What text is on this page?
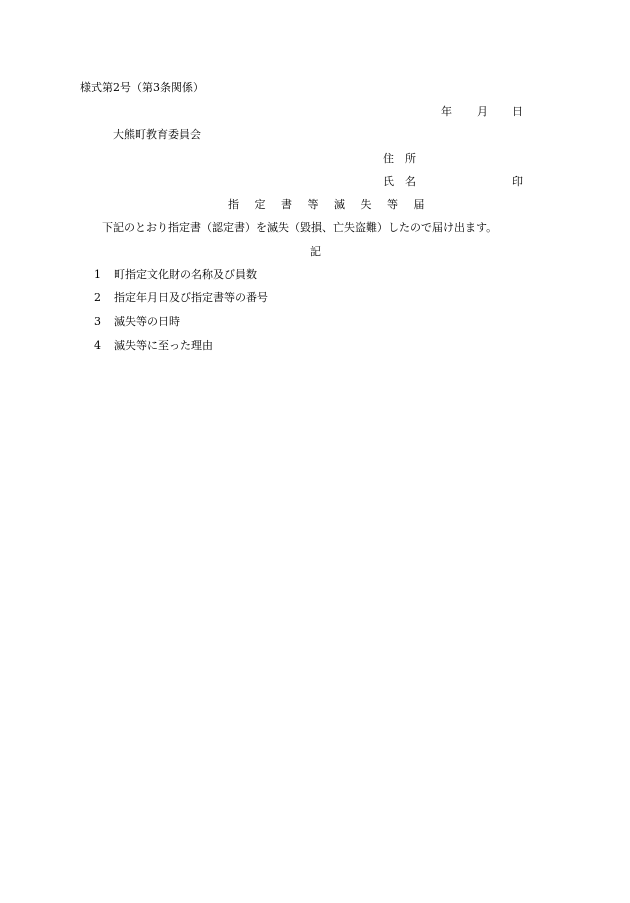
様式第2号（第3条関係）
年 月 日
大熊町教育委員会
住　所
氏　名	印
指 定 書 等 滅 失 等 届
下記のとおり指定書（認定書）を滅失（毀損、亡失盗難）したので届け出ます。
記
1 町指定文化財の名称及び員数
2 指定年月日及び指定書等の番号
3 滅失等の日時
4 滅失等に至った理由
